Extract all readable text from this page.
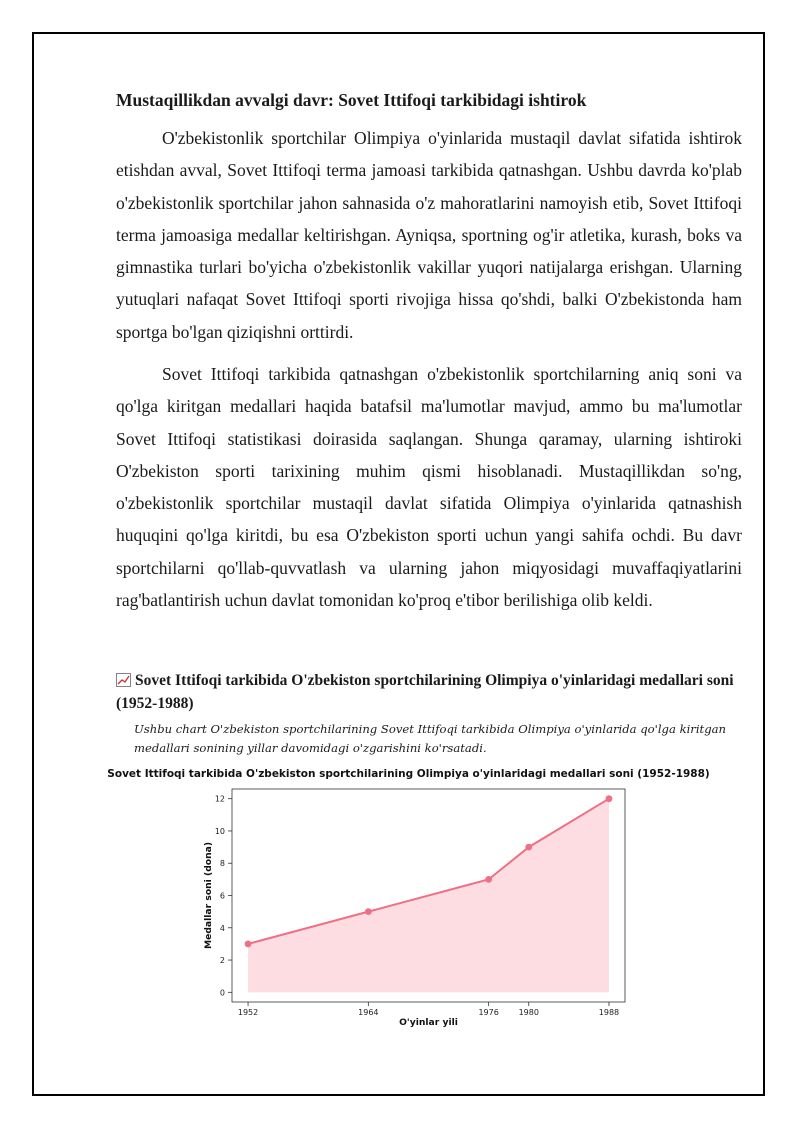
Mustaqillikdan avvalgi davr: Sovet Ittifoqi tarkibidagi ishtirok

O'zbekistonlik sportchilar Olimpiya o'yinlarida mustaqil davlat sifatida ishtirok etishdan avval, Sovet Ittifoqi terma jamoasi tarkibida qatnashgan. Ushbu davrda ko'plab o'zbekistonlik sportchilar jahon sahnasida o'z mahoratlarini namoyish etib, Sovet Ittifoqi terma jamoasiga medallar keltirishgan. Ayniqsa, sportning og'ir atletika, kurash, boks va gimnastika turlari bo'yicha o'zbekistonlik vakillar yuqori natijalarga erishgan. Ularning yutuqlari nafaqat Sovet Ittifoqi sporti rivojiga hissa qo'shdi, balki O'zbekistonda ham sportga bo'lgan qiziqishni orttirdi.

Sovet Ittifoqi tarkibida qatnashgan o'zbekistonlik sportchilarning aniq soni va qo'lga kiritgan medallari haqida batafsil ma'lumotlar mavjud, ammo bu ma'lumotlar Sovet Ittifoqi statistikasi doirasida saqlangan. Shunga qaramay, ularning ishtiroki O'zbekiston sporti tarixining muhim qismi hisoblanadi. Mustaqillikdan so'ng, o'zbekistonlik sportchilar mustaqil davlat sifatida Olimpiya o'yinlarida qatnashish huquqini qo'lga kiritdi, bu esa O'zbekiston sporti uchun yangi sahifa ochdi. Bu davr sportchilarni qo'llab-quvvatlash va ularning jahon miqyosidagi muvaffaqiyatlarini rag'batlantirish uchun davlat tomonidan ko'proq e'tibor berilishiga olib keldi.

Sovet Ittifoqi tarkibida O'zbekiston sportchilarining Olimpiya o'yinlaridagi medallari soni (1952-1988)
Ushbu chart O'zbekiston sportchilarining Sovet Ittifoqi tarkibida Olimpiya o'yinlarida qo'lga kiritgan medallari sonining yillar davomidagi o'zgarishini ko'rsatadi.
Sovet Ittifoqi tarkibida O'zbekiston sportchilarining Olimpiya o'yinlaridagi medallari soni (1952-1988)
0
2
4
6
8
10
12
1952	1964	1976 1980	1988
O'yinlar yili
Medallar soni (dona)
